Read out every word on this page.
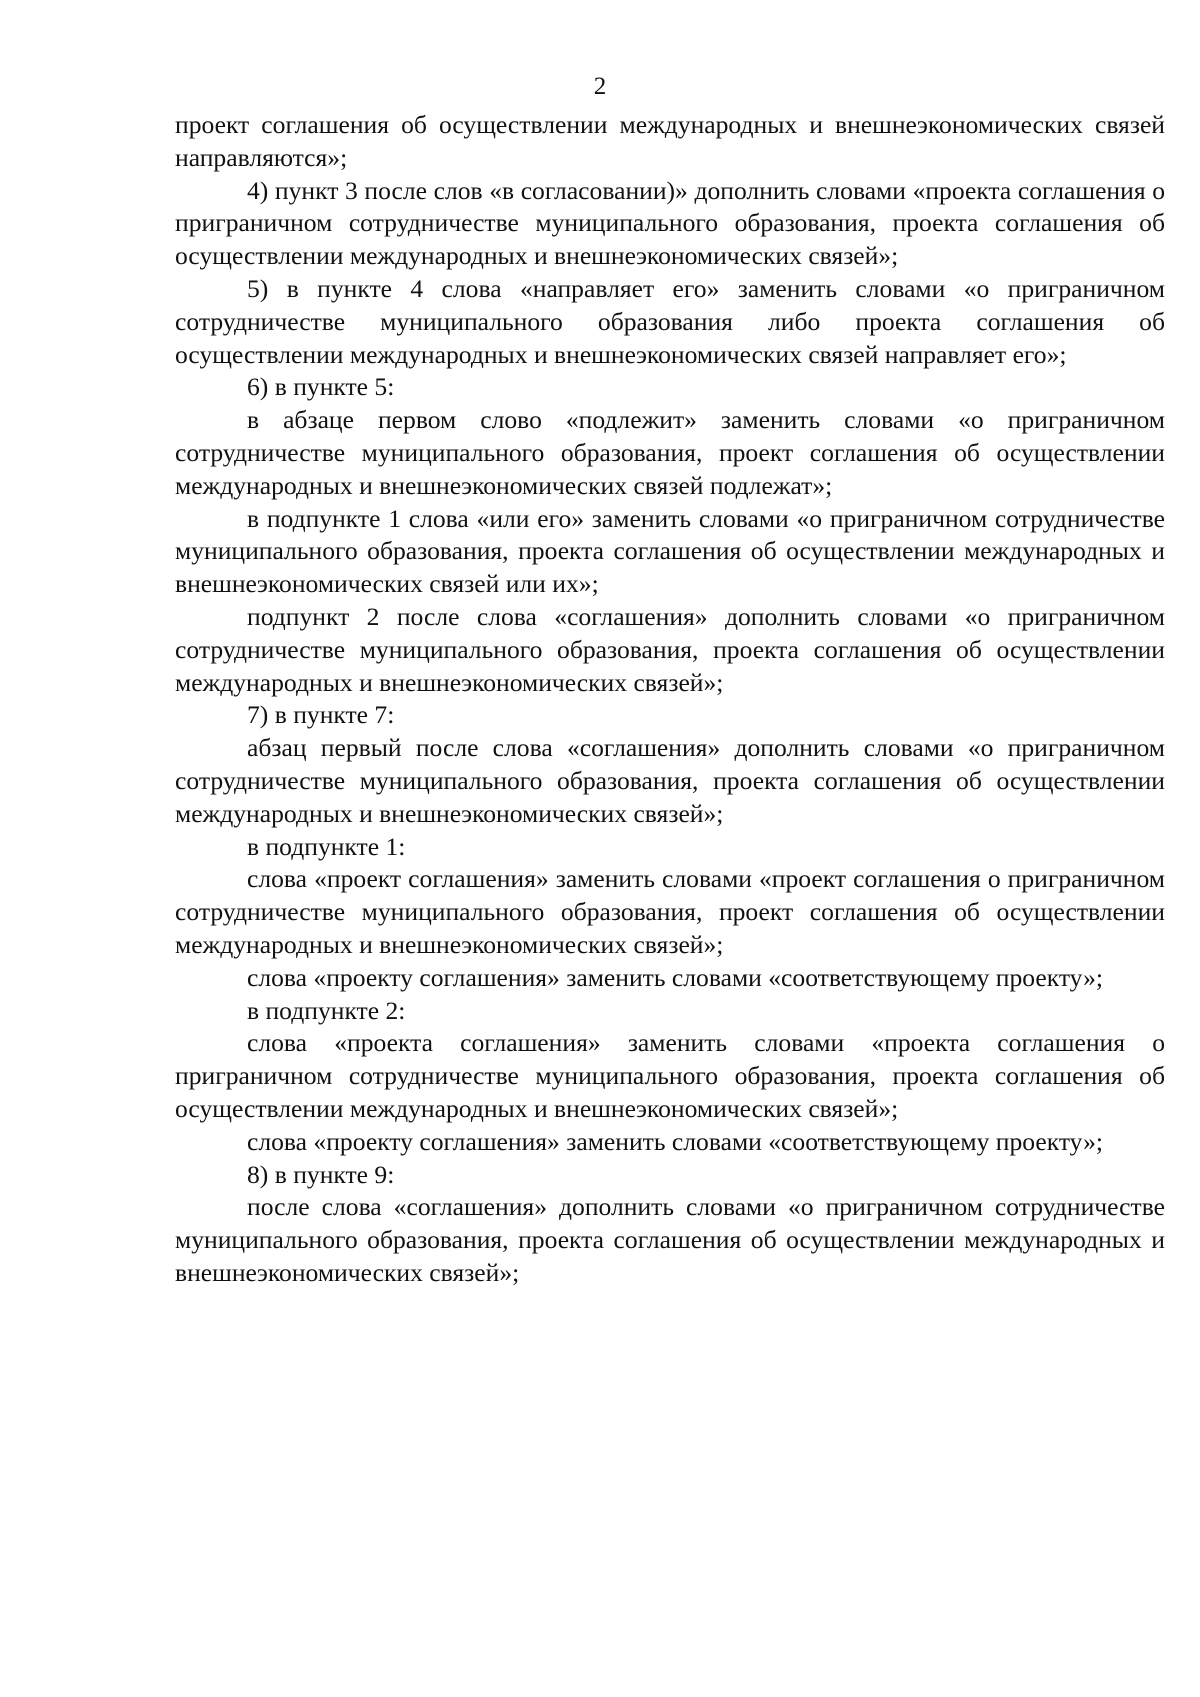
2

проект соглашения об осуществлении международных и внешнеэкономических связей направляются»;

4) пункт 3 после слов «в согласовании)» дополнить словами «проекта соглашения о приграничном сотрудничестве муниципального образования, проекта соглашения об осуществлении международных и внешнеэкономических связей»;

5) в пункте 4 слова «направляет его» заменить словами «о приграничном сотрудничестве муниципального образования либо проекта соглашения об осуществлении международных и внешнеэкономических связей направляет его»;

6) в пункте 5:

в абзаце первом слово «подлежит» заменить словами «о приграничном сотрудничестве муниципального образования, проект соглашения об осуществлении международных и внешнеэкономических связей подлежат»;

в подпункте 1 слова «или его» заменить словами «о приграничном сотрудничестве муниципального образования, проекта соглашения об осуществлении международных и внешнеэкономических связей или их»;

подпункт 2 после слова «соглашения» дополнить словами «о приграничном сотрудничестве муниципального образования, проекта соглашения об осуществлении международных и внешнеэкономических связей»;

7) в пункте 7:

абзац первый после слова «соглашения» дополнить словами «о приграничном сотрудничестве муниципального образования, проекта соглашения об осуществлении международных и внешнеэкономических связей»;

в подпункте 1:

слова «проект соглашения» заменить словами «проект соглашения о приграничном сотрудничестве муниципального образования, проект соглашения об осуществлении международных и внешнеэкономических связей»;

слова «проекту соглашения» заменить словами «соответствующему проекту»;

в подпункте 2:

слова «проекта соглашения» заменить словами «проекта соглашения о приграничном сотрудничестве муниципального образования, проекта соглашения об осуществлении международных и внешнеэкономических связей»;

слова «проекту соглашения» заменить словами «соответствующему проекту»;

8) в пункте 9:

после слова «соглашения» дополнить словами «о приграничном сотрудничестве муниципального образования, проекта соглашения об осуществлении международных и внешнеэкономических связей»;
